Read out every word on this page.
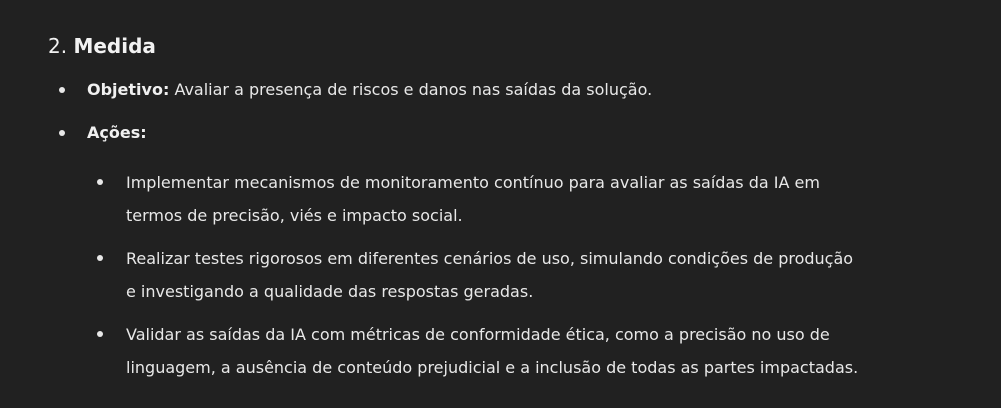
2. Medida
Objetivo: Avaliar a presença de riscos e danos nas saídas da solução.
Ações:
Implementar mecanismos de monitoramento contínuo para avaliar as saídas da IA em
termos de precisão, viés e impacto social.
Realizar testes rigorosos em diferentes cenários de uso, simulando condições de produção
e investigando a qualidade das respostas geradas.
Validar as saídas da IA com métricas de conformidade ética, como a precisão no uso de
linguagem, a ausência de conteúdo prejudicial e a inclusão de todas as partes impactadas.
